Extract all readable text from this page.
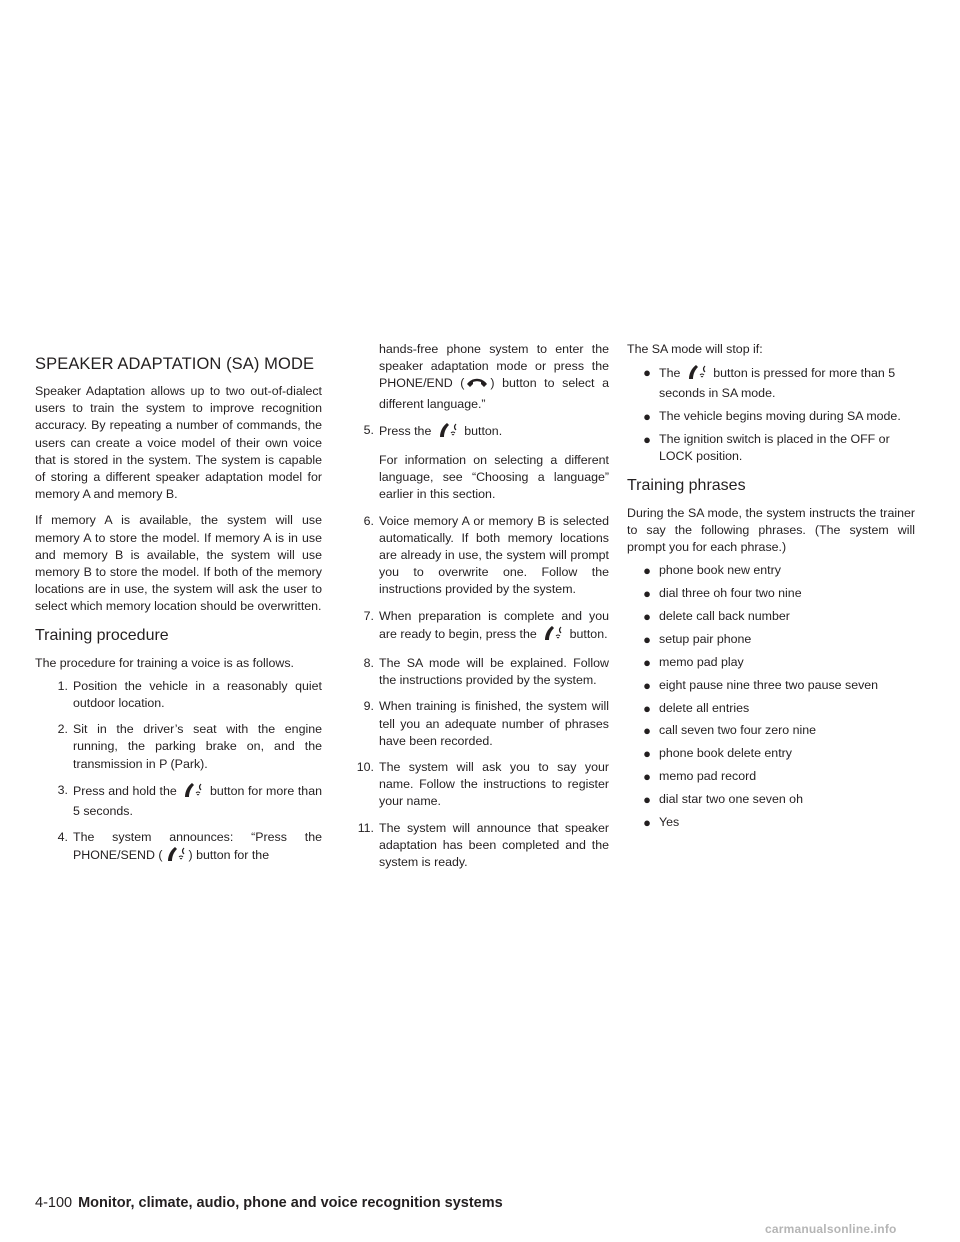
SPEAKER ADAPTATION (SA) MODE

Speaker Adaptation allows up to two out-of-dialect users to train the system to improve recognition accuracy. By repeating a number of commands, the users can create a voice model of their own voice that is stored in the system. The system is capable of storing a different speaker adaptation model for memory A and memory B.

If memory A is available, the system will use memory A to store the model. If memory A is in use and memory B is available, the system will use memory B to store the model. If both of the memory locations are in use, the system will ask the user to select which memory location should be overwritten.

Training procedure

The procedure for training a voice is as follows.

1. Position the vehicle in a reasonably quiet outdoor location.
2. Sit in the driver’s seat with the engine running, the parking brake on, and the transmission in P (Park).
3. Press and hold the	button for more than 5 seconds.
4. The system announces: “Press the PHONE/SEND ( ) button for the
hands-free phone system to enter the speaker adaptation mode or press the PHONE/END ( ) button to select a different language.”
5. Press the	button.
For information on selecting a different language, see “Choosing a language” earlier in this section.
6. Voice memory A or memory B is selected automatically. If both memory locations are already in use, the system will prompt you to overwrite one. Follow the instructions provided by the system.
7. When preparation is complete and you are ready to begin, press the	button.
8. The SA mode will be explained. Follow the instructions provided by the system.
9. When training is finished, the system will tell you an adequate number of phrases have been recorded.
10. The system will ask you to say your name. Follow the instructions to register your name.
11. The system will announce that speaker adaptation has been completed and the system is ready.

The SA mode will stop if:

● The	button is pressed for more than 5 seconds in SA mode.
● The vehicle begins moving during SA mode.
● The ignition switch is placed in the OFF or LOCK position.
Training phrases

During the SA mode, the system instructs the trainer to say the following phrases. (The system will prompt you for each phrase.)

● phone book new entry
● dial three oh four two nine
● delete call back number
● setup pair phone
● memo pad play
● eight pause nine three two pause seven
● delete all entries
● call seven two four zero nine
● phone book delete entry
● memo pad record
● dial star two one seven oh
● Yes
4-100 Monitor, climate, audio, phone and voice recognition systems
carmanualsonline.info
